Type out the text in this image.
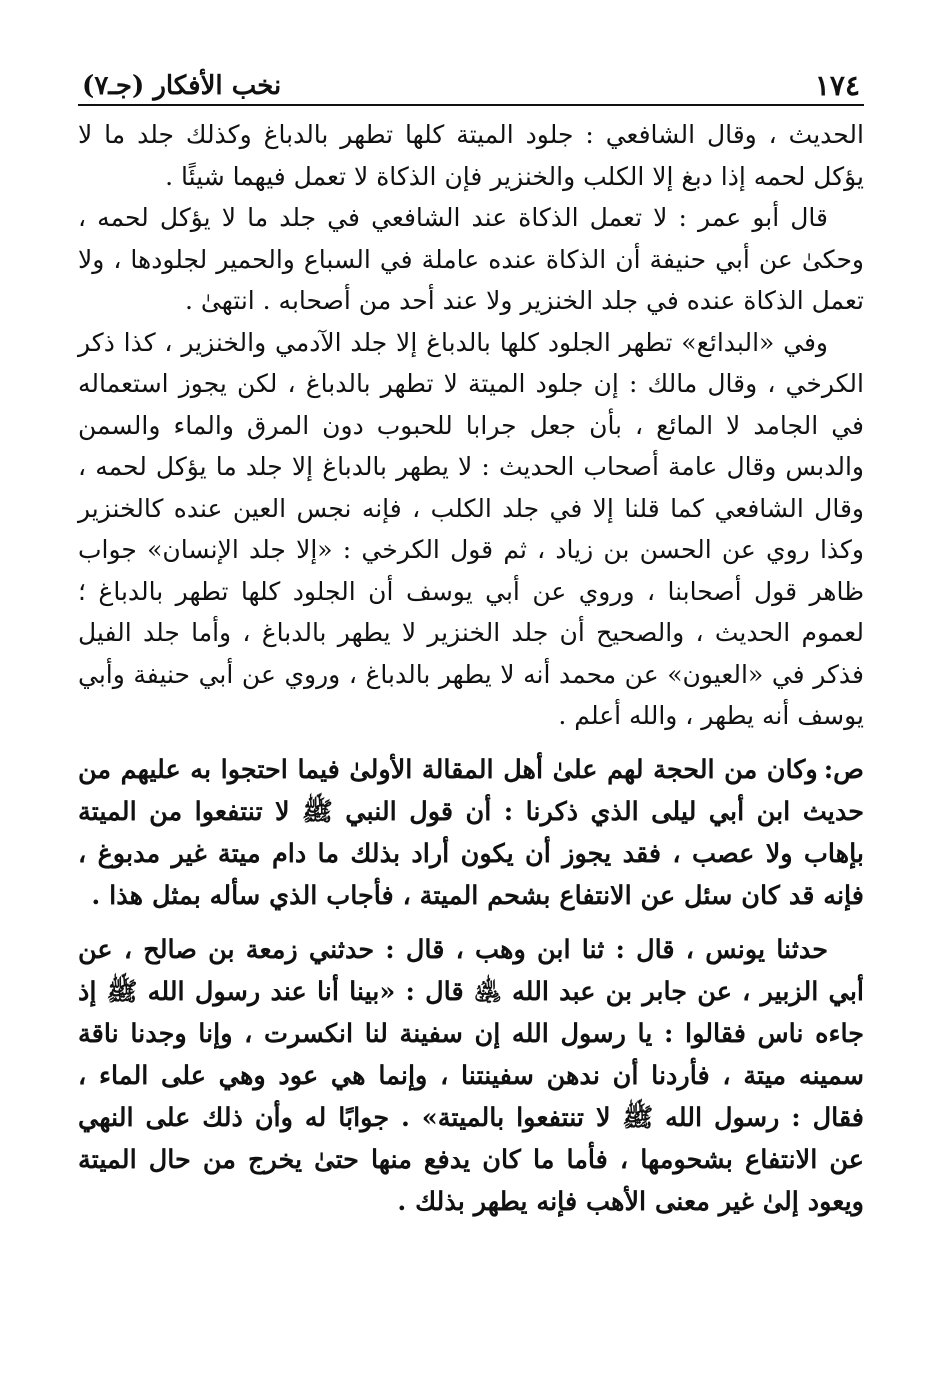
١٧٤
نخب الأفكار (جـ٧)

الحديث ، وقال الشافعي : جلود الميتة كلها تطهر بالدباغ وكذلك جلد ما لا يؤكل لحمه إذا دبغ إلا الكلب والخنزير فإن الذكاة لا تعمل فيهما شيئًا .

قال أبو عمر : لا تعمل الذكاة عند الشافعي في جلد ما لا يؤكل لحمه ، وحكىٰ عن أبي حنيفة أن الذكاة عنده عاملة في السباع والحمير لجلودها ، ولا تعمل الذكاة عنده في جلد الخنزير ولا عند أحد من أصحابه . انتهىٰ .

وفي «البدائع» تطهر الجلود كلها بالدباغ إلا جلد الآدمي والخنزير ، كذا ذكر الكرخي ، وقال مالك : إن جلود الميتة لا تطهر بالدباغ ، لكن يجوز استعماله في الجامد لا المائع ، بأن جعل جرابا للحبوب دون المرق والماء والسمن والدبس وقال عامة أصحاب الحديث : لا يطهر بالدباغ إلا جلد ما يؤكل لحمه ، وقال الشافعي كما قلنا إلا في جلد الكلب ، فإنه نجس العين عنده كالخنزير وكذا روي عن الحسن بن زياد ، ثم قول الكرخي : «إلا جلد الإنسان» جواب ظاهر قول أصحابنا ، وروي عن أبي يوسف أن الجلود كلها تطهر بالدباغ ؛ لعموم الحديث ، والصحيح أن جلد الخنزير لا يطهر بالدباغ ، وأما جلد الفيل فذكر في «العيون» عن محمد أنه لا يطهر بالدباغ ، وروي عن أبي حنيفة وأبي يوسف أنه يطهر ، والله أعلم .

ص:وكان من الحجة لهم علىٰ أهل المقالة الأولىٰ فيما احتجوا به عليهم من حديث ابن أبي ليلى الذي ذكرنا : أن قول النبي ﷺ لا تنتفعوا من الميتة بإهاب ولا عصب ، فقد يجوز أن يكون أراد بذلك ما دام ميتة غير مدبوغ ، فإنه قد كان سئل عن الانتفاع بشحم الميتة ، فأجاب الذي سأله بمثل هذا .

حدثنا يونس ، قال : ثنا ابن وهب ، قال : حدثني زمعة بن صالح ، عن أبي الزبير ، عن جابر بن عبد الله ﵁ قال : «بينا أنا عند رسول الله ﷺ إذ جاءه ناس فقالوا : يا رسول الله إن سفينة لنا انكسرت ، وإنا وجدنا ناقة سمينه ميتة ، فأردنا أن ندهن سفينتنا ، وإنما هي عود وهي على الماء ، فقال : رسول الله ﷺ لا تنتفعوا بالميتة» . جوابًا له وأن ذلك على النهي عن الانتفاع بشحومها ، فأما ما كان يدفع منها حتىٰ يخرج من حال الميتة ويعود إلىٰ غير معنى الأهب فإنه يطهر بذلك .
